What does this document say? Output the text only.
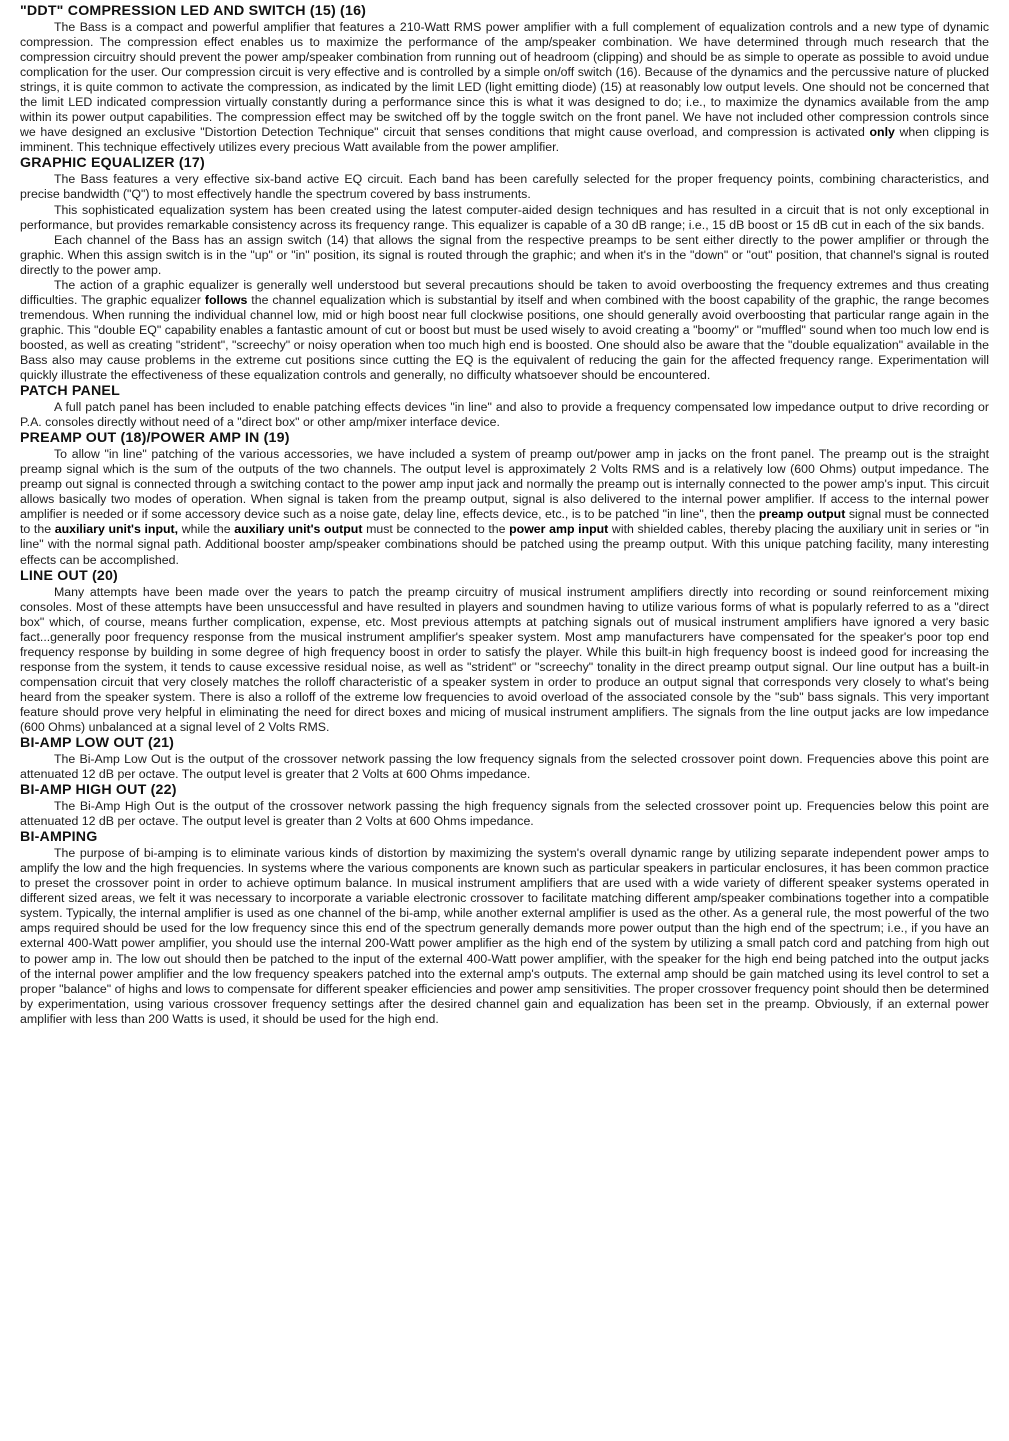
"DDT" COMPRESSION LED AND SWITCH (15) (16)

The Bass is a compact and powerful amplifier that features a 210-Watt RMS power amplifier with a full complement of equalization controls and a new type of dynamic compression. The compression effect enables us to maximize the performance of the amp/speaker combination. We have determined through much research that the compression circuitry should prevent the power amp/speaker combination from running out of headroom (clipping) and should be as simple to operate as possible to avoid undue complication for the user. Our compression circuit is very effective and is controlled by a simple on/off switch (16). Because of the dynamics and the percussive nature of plucked strings, it is quite common to activate the compression, as indicated by the limit LED (light emitting diode) (15) at reasonably low output levels. One should not be concerned that the limit LED indicated compression virtually constantly during a performance since this is what it was designed to do; i.e., to maximize the dynamics available from the amp within its power output capabilities. The compression effect may be switched off by the toggle switch on the front panel. We have not included other compression controls since we have designed an exclusive "Distortion Detection Technique" circuit that senses conditions that might cause overload, and compression is activated only when clipping is imminent. This technique effectively utilizes every precious Watt available from the power amplifier.

GRAPHIC EQUALIZER (17)

The Bass features a very effective six-band active EQ circuit. Each band has been carefully selected for the proper frequency points, combining characteristics, and precise bandwidth ("Q") to most effectively handle the spectrum covered by bass instruments.

This sophisticated equalization system has been created using the latest computer-aided design techniques and has resulted in a circuit that is not only exceptional in performance, but provides remarkable consistency across its frequency range. This equalizer is capable of a 30 dB range; i.e., 15 dB boost or 15 dB cut in each of the six bands.

Each channel of the Bass has an assign switch (14) that allows the signal from the respective preamps to be sent either directly to the power amplifier or through the graphic. When this assign switch is in the "up" or "in" position, its signal is routed through the graphic; and when it's in the "down" or "out" position, that channel's signal is routed directly to the power amp.

The action of a graphic equalizer is generally well understood but several precautions should be taken to avoid overboosting the frequency extremes and thus creating difficulties. The graphic equalizer follows the channel equalization which is substantial by itself and when combined with the boost capability of the graphic, the range becomes tremendous. When running the individual channel low, mid or high boost near full clockwise positions, one should generally avoid overboosting that particular range again in the graphic. This "double EQ" capability enables a fantastic amount of cut or boost but must be used wisely to avoid creating a "boomy" or "muffled" sound when too much low end is boosted, as well as creating "strident", "screechy" or noisy operation when too much high end is boosted. One should also be aware that the "double equalization" available in the Bass also may cause problems in the extreme cut positions since cutting the EQ is the equivalent of reducing the gain for the affected frequency range. Experimentation will quickly illustrate the effectiveness of these equalization controls and generally, no difficulty whatsoever should be encountered.

PATCH PANEL

A full patch panel has been included to enable patching effects devices "in line" and also to provide a frequency compensated low impedance output to drive recording or P.A. consoles directly without need of a "direct box" or other amp/mixer interface device.

PREAMP OUT (18)/POWER AMP IN (19)

To allow "in line" patching of the various accessories, we have included a system of preamp out/power amp in jacks on the front panel. The preamp out is the straight preamp signal which is the sum of the outputs of the two channels. The output level is approximately 2 Volts RMS and is a relatively low (600 Ohms) output impedance. The preamp out signal is connected through a switching contact to the power amp input jack and normally the preamp out is internally connected to the power amp's input. This circuit allows basically two modes of operation. When signal is taken from the preamp output, signal is also delivered to the internal power amplifier. If access to the internal power amplifier is needed or if some accessory device such as a noise gate, delay line, effects device, etc., is to be patched "in line", then the preamp output signal must be connected to the auxiliary unit's input, while the auxiliary unit's output must be connected to the power amp input with shielded cables, thereby placing the auxiliary unit in series or "in line" with the normal signal path. Additional booster amp/speaker combinations should be patched using the preamp output. With this unique patching facility, many interesting effects can be accomplished.

LINE OUT (20)

Many attempts have been made over the years to patch the preamp circuitry of musical instrument amplifiers directly into recording or sound reinforcement mixing consoles. Most of these attempts have been unsuccessful and have resulted in players and soundmen having to utilize various forms of what is popularly referred to as a "direct box" which, of course, means further complication, expense, etc. Most previous attempts at patching signals out of musical instrument amplifiers have ignored a very basic fact...generally poor frequency response from the musical instrument amplifier's speaker system. Most amp manufacturers have compensated for the speaker's poor top end frequency response by building in some degree of high frequency boost in order to satisfy the player. While this built-in high frequency boost is indeed good for increasing the response from the system, it tends to cause excessive residual noise, as well as "strident" or "screechy" tonality in the direct preamp output signal. Our line output has a built-in compensation circuit that very closely matches the rolloff characteristic of a speaker system in order to produce an output signal that corresponds very closely to what's being heard from the speaker system. There is also a rolloff of the extreme low frequencies to avoid overload of the associated console by the "sub" bass signals. This very important feature should prove very helpful in eliminating the need for direct boxes and micing of musical instrument amplifiers. The signals from the line output jacks are low impedance (600 Ohms) unbalanced at a signal level of 2 Volts RMS.

BI-AMP LOW OUT (21)

The Bi-Amp Low Out is the output of the crossover network passing the low frequency signals from the selected crossover point down. Frequencies above this point are attenuated 12 dB per octave. The output level is greater that 2 Volts at 600 Ohms impedance.

BI-AMP HIGH OUT (22)

The Bi-Amp High Out is the output of the crossover network passing the high frequency signals from the selected crossover point up. Frequencies below this point are attenuated 12 dB per octave. The output level is greater than 2 Volts at 600 Ohms impedance.

BI-AMPING

The purpose of bi-amping is to eliminate various kinds of distortion by maximizing the system's overall dynamic range by utilizing separate independent power amps to amplify the low and the high frequencies. In systems where the various components are known such as particular speakers in particular enclosures, it has been common practice to preset the crossover point in order to achieve optimum balance. In musical instrument amplifiers that are used with a wide variety of different speaker systems operated in different sized areas, we felt it was necessary to incorporate a variable electronic crossover to facilitate matching different amp/speaker combinations together into a compatible system. Typically, the internal amplifier is used as one channel of the bi-amp, while another external amplifier is used as the other. As a general rule, the most powerful of the two amps required should be used for the low frequency since this end of the spectrum generally demands more power output than the high end of the spectrum; i.e., if you have an external 400-Watt power amplifier, you should use the internal 200-Watt power amplifier as the high end of the system by utilizing a small patch cord and patching from high out to power amp in. The low out should then be patched to the input of the external 400-Watt power amplifier, with the speaker for the high end being patched into the output jacks of the internal power amplifier and the low frequency speakers patched into the external amp's outputs. The external amp should be gain matched using its level control to set a proper "balance" of highs and lows to compensate for different speaker efficiencies and power amp sensitivities. The proper crossover frequency point should then be determined by experimentation, using various crossover frequency settings after the desired channel gain and equalization has been set in the preamp. Obviously, if an external power amplifier with less than 200 Watts is used, it should be used for the high end.
